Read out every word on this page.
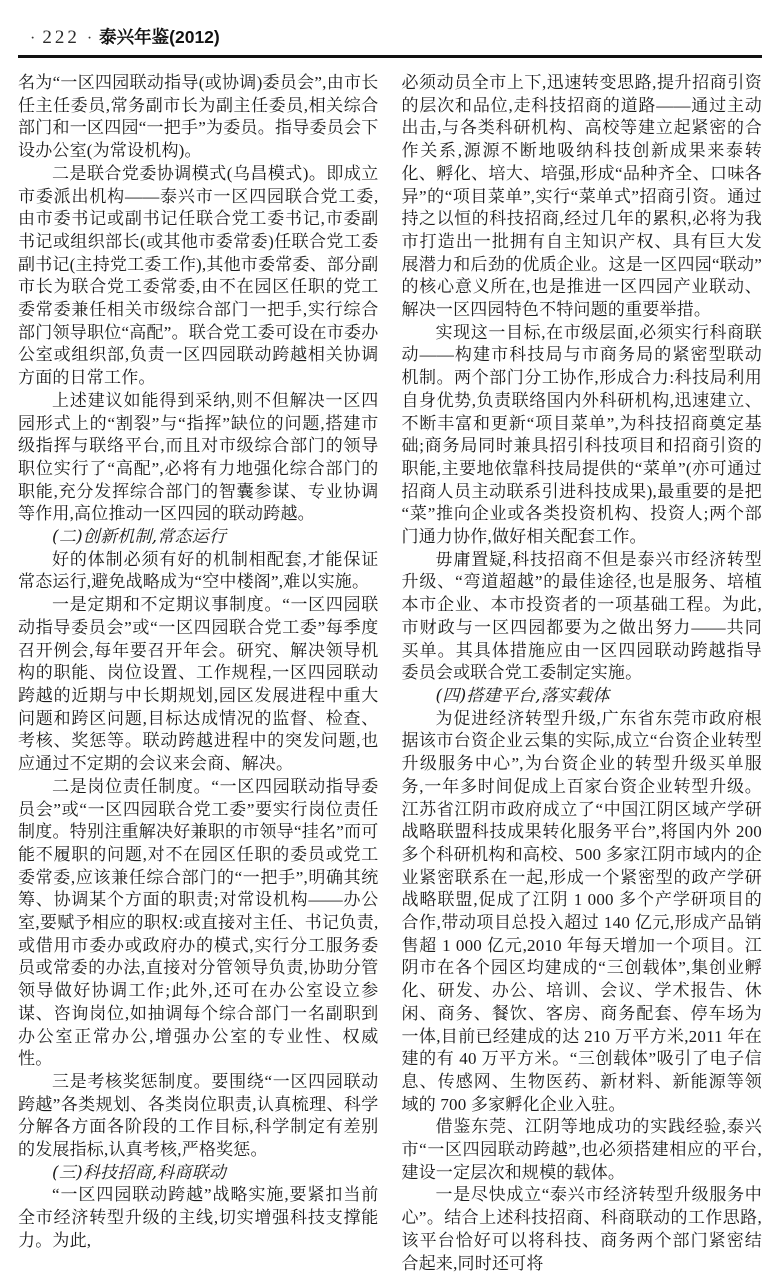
· 222 · 泰兴年鉴(2012)

名为“一区四园联动指导(或协调)委员会”,由市长任主任委员,常务副市长为副主任委员,相关综合部门和一区四园“一把手”为委员。指导委员会下设办公室(为常设机构)。

二是联合党委协调模式(乌昌模式)。即成立市委派出机构——泰兴市一区四园联合党工委,由市委书记或副书记任联合党工委书记,市委副书记或组织部长(或其他市委常委)任联合党工委副书记(主持党工委工作),其他市委常委、部分副市长为联合党工委常委,由不在园区任职的党工委常委兼任相关市级综合部门一把手,实行综合部门领导职位“高配”。联合党工委可设在市委办公室或组织部,负责一区四园联动跨越相关协调方面的日常工作。

上述建议如能得到采纳,则不但解决一区四园形式上的“割裂”与“指挥”缺位的问题,搭建市级指挥与联络平台,而且对市级综合部门的领导职位实行了“高配”,必将有力地强化综合部门的职能,充分发挥综合部门的智囊参谋、专业协调等作用,高位推动一区四园的联动跨越。

(二)创新机制,常态运行

好的体制必须有好的机制相配套,才能保证常态运行,避免战略成为“空中楼阁”,难以实施。

一是定期和不定期议事制度。“一区四园联动指导委员会”或“一区四园联合党工委”每季度召开例会,每年要召开年会。研究、解决领导机构的职能、岗位设置、工作规程,一区四园联动跨越的近期与中长期规划,园区发展进程中重大问题和跨区问题,目标达成情况的监督、检查、考核、奖惩等。联动跨越进程中的突发问题,也应通过不定期的会议来会商、解决。

二是岗位责任制度。“一区四园联动指导委员会”或“一区四园联合党工委”要实行岗位责任制度。特别注重解决好兼职的市领导“挂名”而可能不履职的问题,对不在园区任职的委员或党工委常委,应该兼任综合部门的“一把手”,明确其统筹、协调某个方面的职责;对常设机构——办公室,要赋予相应的职权:或直接对主任、书记负责,或借用市委办或政府办的模式,实行分工服务委员或常委的办法,直接对分管领导负责,协助分管领导做好协调工作;此外,还可在办公室设立参谋、咨询岗位,如抽调每个综合部门一名副职到办公室正常办公,增强办公室的专业性、权威性。

三是考核奖惩制度。要围绕“一区四园联动跨越”各类规划、各类岗位职责,认真梳理、科学分解各方面各阶段的工作目标,科学制定有差别的发展指标,认真考核,严格奖惩。

(三)科技招商,科商联动

“一区四园联动跨越”战略实施,要紧扣当前全市经济转型升级的主线,切实增强科技支撑能力。为此,

必须动员全市上下,迅速转变思路,提升招商引资的层次和品位,走科技招商的道路——通过主动出击,与各类科研机构、高校等建立起紧密的合作关系,源源不断地吸纳科技创新成果来泰转化、孵化、培大、培强,形成“品种齐全、口味各异”的“项目菜单”,实行“菜单式”招商引资。通过持之以恒的科技招商,经过几年的累积,必将为我市打造出一批拥有自主知识产权、具有巨大发展潜力和后劲的优质企业。这是一区四园“联动”的核心意义所在,也是推进一区四园产业联动、解决一区四园特色不特问题的重要举措。

实现这一目标,在市级层面,必须实行科商联动——构建市科技局与市商务局的紧密型联动机制。两个部门分工协作,形成合力:科技局利用自身优势,负责联络国内外科研机构,迅速建立、不断丰富和更新“项目菜单”,为科技招商奠定基础;商务局同时兼具招引科技项目和招商引资的职能,主要地依靠科技局提供的“菜单”(亦可通过招商人员主动联系引进科技成果),最重要的是把“菜”推向企业或各类投资机构、投资人;两个部门通力协作,做好相关配套工作。

毋庸置疑,科技招商不但是泰兴市经济转型升级、“弯道超越”的最佳途径,也是服务、培植本市企业、本市投资者的一项基础工程。为此,市财政与一区四园都要为之做出努力——共同买单。其具体措施应由一区四园联动跨越指导委员会或联合党工委制定实施。

(四)搭建平台,落实载体

为促进经济转型升级,广东省东莞市政府根据该市台资企业云集的实际,成立“台资企业转型升级服务中心”,为台资企业的转型升级买单服务,一年多时间促成上百家台资企业转型升级。江苏省江阴市政府成立了“中国江阴区域产学研战略联盟科技成果转化服务平台”,将国内外 200 多个科研机构和高校、500 多家江阴市域内的企业紧密联系在一起,形成一个紧密型的政产学研战略联盟,促成了江阴 1 000 多个产学研项目的合作,带动项目总投入超过 140 亿元,形成产品销售超 1 000 亿元,2010 年每天增加一个项目。江阴市在各个园区均建成的“三创载体”,集创业孵化、研发、办公、培训、会议、学术报告、休闲、商务、餐饮、客房、商务配套、停车场为一体,目前已经建成的达 210 万平方米,2011 年在建的有 40 万平方米。“三创载体”吸引了电子信息、传感网、生物医药、新材料、新能源等领域的 700 多家孵化企业入驻。

借鉴东莞、江阴等地成功的实践经验,泰兴市“一区四园联动跨越”,也必须搭建相应的平台,建设一定层次和规模的载体。

一是尽快成立“泰兴市经济转型升级服务中心”。结合上述科技招商、科商联动的工作思路,该平台恰好可以将科技、商务两个部门紧密结合起来,同时还可将
